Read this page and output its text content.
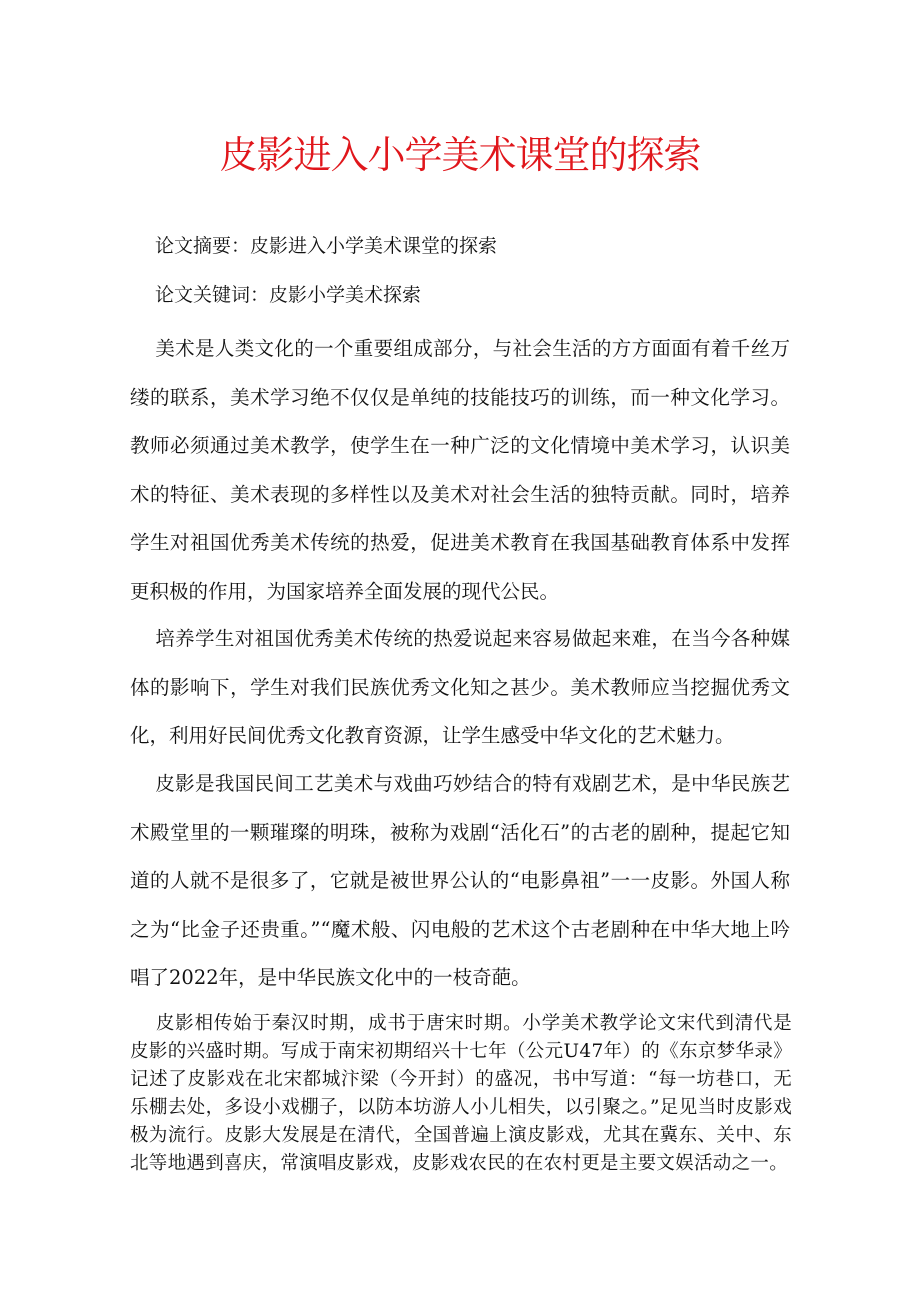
皮影进入小学美术课堂的探索

论文摘要：皮影进入小学美术课堂的探索

论文关键词：皮影小学美术探索

美术是人类文化的一个重要组成部分，与社会生活的方方面面有着千丝万缕的联系，美术学习绝不仅仅是单纯的技能技巧的训练，而一种文化学习。教师必须通过美术教学，使学生在一种广泛的文化情境中美术学习，认识美术的特征、美术表现的多样性以及美术对社会生活的独特贡献。同时，培养学生对祖国优秀美术传统的热爱，促进美术教育在我国基础教育体系中发挥更积极的作用，为国家培养全面发展的现代公民。

培养学生对祖国优秀美术传统的热爱说起来容易做起来难，在当今各种媒体的影响下，学生对我们民族优秀文化知之甚少。美术教师应当挖掘优秀文化，利用好民间优秀文化教育资源，让学生感受中华文化的艺术魅力。

皮影是我国民间工艺美术与戏曲巧妙结合的特有戏剧艺术，是中华民族艺术殿堂里的一颗璀璨的明珠，被称为戏剧“活化石”的古老的剧种，提起它知道的人就不是很多了，它就是被世界公认的“电影鼻祖”一一皮影。外国人称之为“比金子还贵重。”“魔术般、闪电般的艺术这个古老剧种在中华大地上吟唱了2022年，是中华民族文化中的一枝奇葩。

皮影相传始于秦汉时期，成书于唐宋时期。小学美术教学论文宋代到清代是皮影的兴盛时期。写成于南宋初期绍兴十七年（公元U47年）的《东京梦华录》记述了皮影戏在北宋都城汴梁（今开封）的盛况，书中写道：“每一坊巷口，无乐棚去处，多设小戏棚子，以防本坊游人小儿相失，以引聚之。”足见当时皮影戏极为流行。皮影大发展是在清代，全国普遍上演皮影戏，尤其在冀东、关中、东北等地遇到喜庆，常演唱皮影戏，皮影戏农民的在农村更是主要文娱活动之一。
